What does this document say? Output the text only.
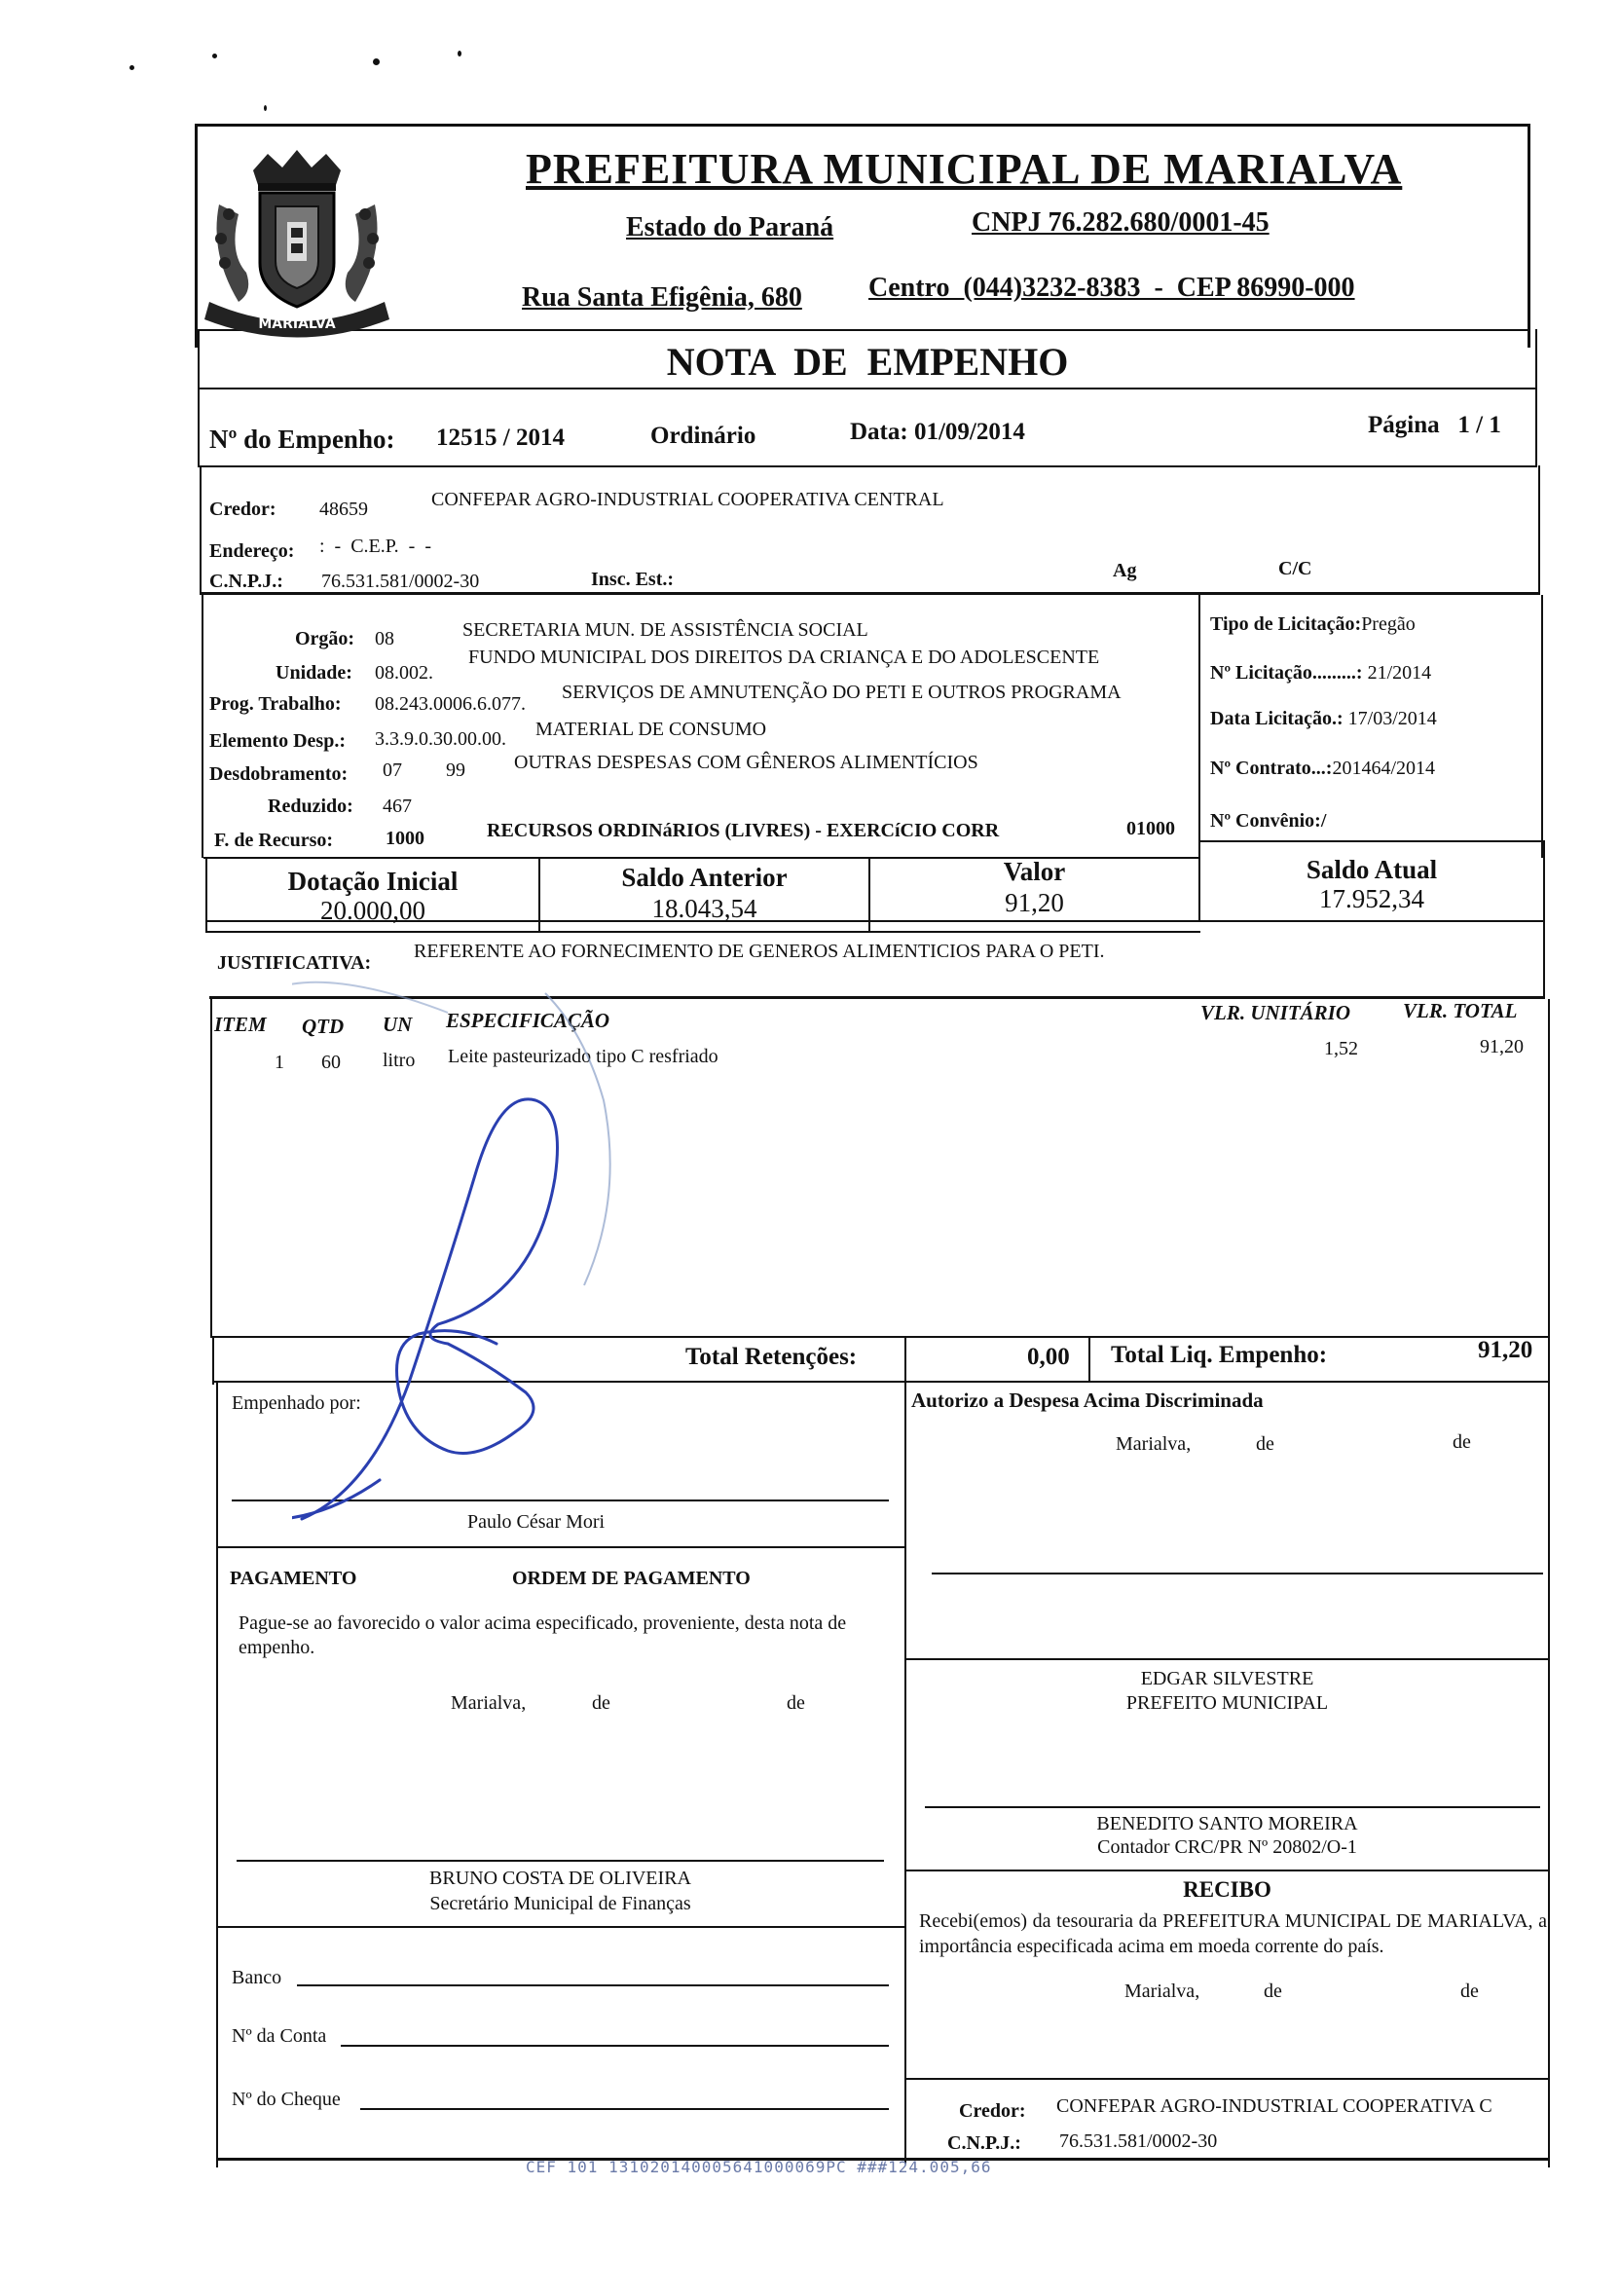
MARIALVA
PREFEITURA MUNICIPAL DE MARIALVA
Estado do Paraná	CNPJ 76.282.680/0001-45
Rua Santa Efigênia, 680 Centro  (044)3232-8383  -  CEP 86990-000
NOTA  DE  EMPENHO
Nº do Empenho: 12515 / 2014	Ordinário	Data: 01/09/2014	Página   1 / 1
Credor: 48659	CONFEPAR AGRO-INDUSTRIAL COOPERATIVA CENTRAL
Endereço: :  -  C.E.P.  -  -
C.N.P.J.: 76.531.581/0002-30	Insc. Est.:	Ag	C/C
Orgão: 08	SECRETARIA MUN. DE ASSISTÊNCIA SOCIAL
Unidade: 08.002.
FUNDO MUNICIPAL DOS DIREITOS DA CRIANÇA E DO ADOLESCENTE
Prog. Trabalho: 08.243.0006.6.077.
SERVIÇOS DE AMNUTENÇÃO DO PETI E OUTROS PROGRAMA
Elemento Desp.: 3.3.9.0.30.00.00. MATERIAL DE CONSUMO
Desdobramento: 07 99	OUTRAS DESPESAS COM GÊNEROS ALIMENTÍCIOS
Reduzido: 467
F. de Recurso:	1000	RECURSOS ORDINáRIOS (LIVRES) - EXERCíCIO CORR	01000
Tipo de Licitação:Pregão
Nº Licitação.........: 21/2014
Data Licitação.: 17/03/2014
Nº Contrato...:201464/2014
Nº Convênio:/
Dotação Inicial
20.000,00
Saldo Anterior
18.043,54
Valor
91,20
Saldo Atual
17.952,34
JUSTIFICATIVA:
REFERENTE AO FORNECIMENTO DE GENEROS ALIMENTICIOS PARA O PETI.
ITEM QTD UN ESPECIFICAÇÃO	VLR. UNITÁRIO	VLR. TOTAL
1 60 litro Leite pasteurizado tipo C resfriado	1,52	91,20
Total Retenções:	0,00 Total Liq. Empenho:	91,20
Empenhado por:
Paulo César Mori
Autorizo a Despesa Acima Discriminada
Marialva,	de	de
PAGAMENTO	ORDEM DE PAGAMENTO
Pague-se ao favorecido o valor acima especificado, proveniente, desta nota de empenho.
Marialva,	de	de
BRUNO COSTA DE OLIVEIRA
Secretário Municipal de Finanças
EDGAR SILVESTRE
PREFEITO MUNICIPAL
BENEDITO SANTO MOREIRA
Contador CRC/PR Nº 20802/O-1
RECIBO
Recebi(emos) da tesouraria da PREFEITURA MUNICIPAL DE MARIALVA, a importância especificada acima em moeda corrente do país.
Marialva,	de	de
Credor: CONFEPAR AGRO-INDUSTRIAL COOPERATIVA C
C.N.P.J.: 76.531.581/0002-30
Banco
Nº da Conta
Nº do Cheque
CEF 101 131020140005641000069PC ###124.005,66
